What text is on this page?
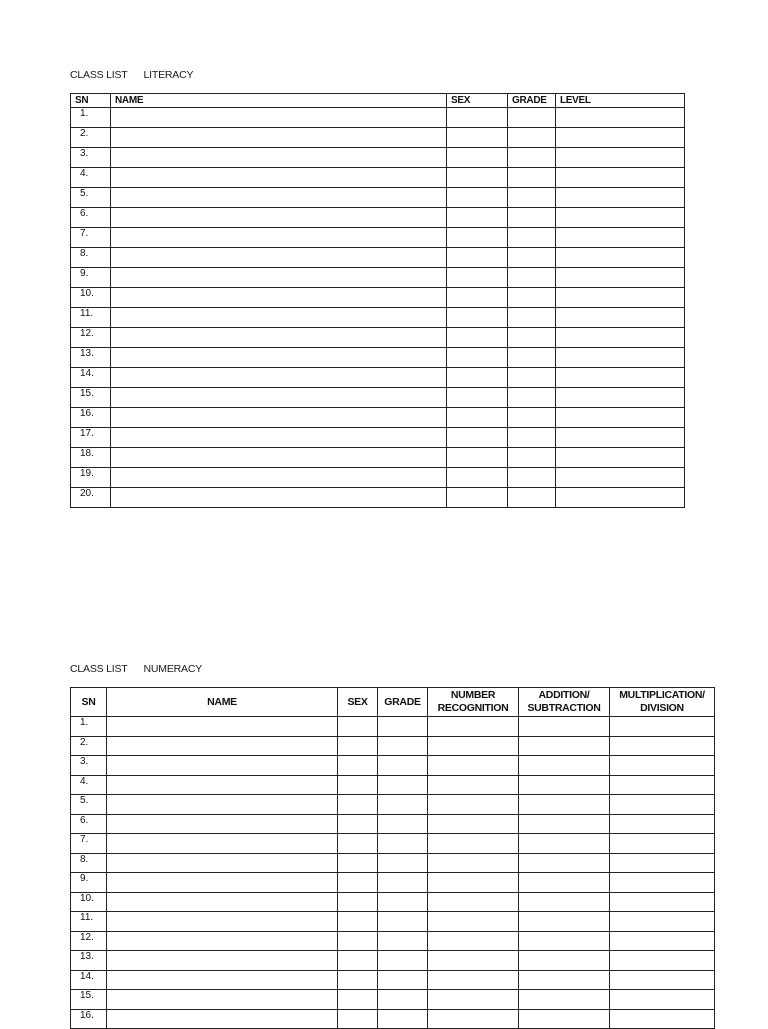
CLASS LIST LITERACY
SN	NAME	SEX	GRADE	LEVEL
1.				
2.				
3.				
4.				
5.				
6.				
7.				
8.				
9.				
10.				
11.				
12.				
13.				
14.				
15.				
16.				
17.				
18.				
19.				
20.				
CLASS LIST NUMERACY
SN	NAME	SEX	GRADE	NUMBER RECOGNITION	ADDITION/ SUBTRACTION	MULTIPLICATION/ DIVISION
1.						
2.						
3.						
4.						
5.						
6.						
7.						
8.						
9.						
10.						
11.						
12.						
13.						
14.						
15.						
16.						
